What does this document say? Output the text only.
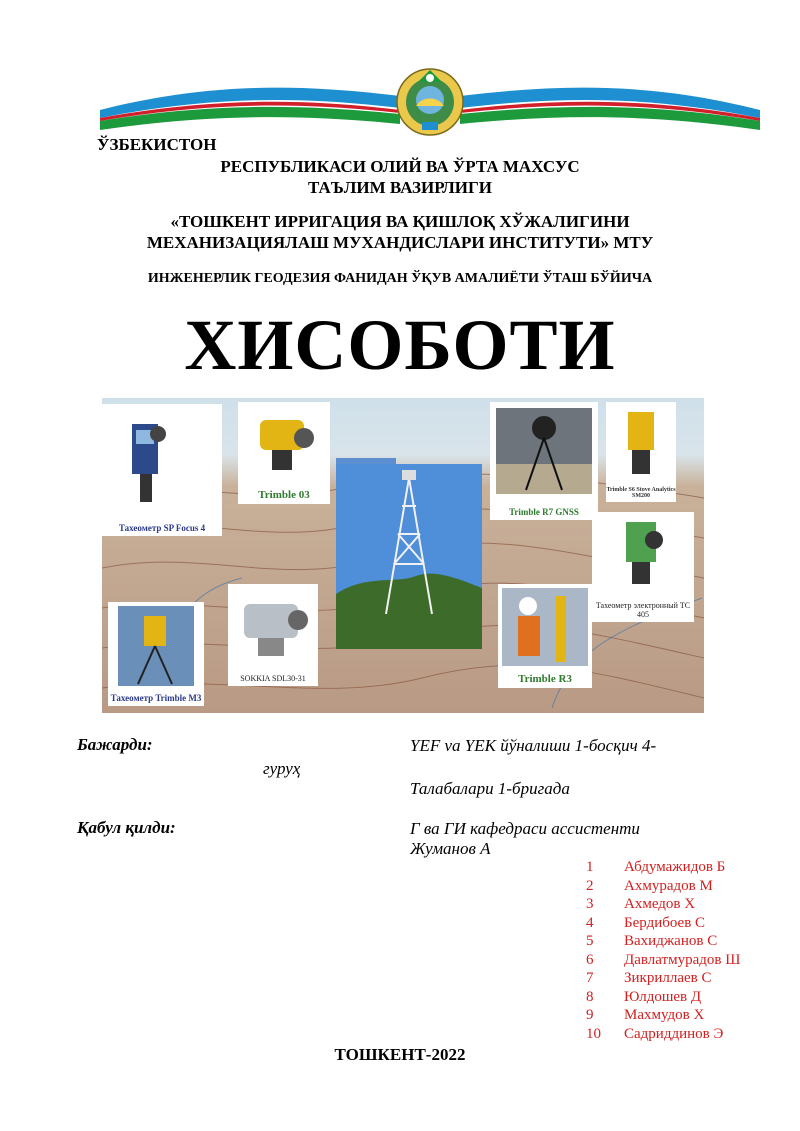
ЎЗБЕКИСТОН
РЕСПУБЛИКАСИ ОЛИЙ ВА ЎРТА МАХСУС
ТАЪЛИМ ВАЗИРЛИГИ
«ТОШКЕНТ ИРРИГАЦИЯ ВА ҚИШЛОҚ ХЎЖАЛИГИНИ
МЕХАНИЗАЦИЯЛАШ МУХАНДИСЛАРИ ИНСТИТУТИ» МТУ
ИНЖЕНЕРЛИК ГЕОДЕЗИЯ ФАНИДАН ЎҚУВ АМАЛИЁТИ ЎТАШ БЎЙИЧА
ХИСОБОТИ
Тахеометр SP Focus 4
Trimble 03
Trimble R7 GNSS
Trimble S6 Stove Analytics SM200
Тахеометр электронный TC 405
Тахеометр Trimble M3
SOKKIA SDL30-31	Trimble R3
Бажарди:	ҮЕF va ҮЕK йўналиши 1-босқич 4-
гуруҳ
Талабалари 1-бригада
Қабул қилди:	Г ва ГИ кафедраси ассистенти
Жуманов А
1 Абдумажидов Б
2 Ахмурадов М
3 Ахмедов Х
4 Бердибоев С
5 Вахиджанов С
6 Давлатмурадов Ш
7 Зикриллаев С
8 Юлдошев Д
9 Махмудов Х
10 Садриддинов Э
ТОШКЕНТ-2022
